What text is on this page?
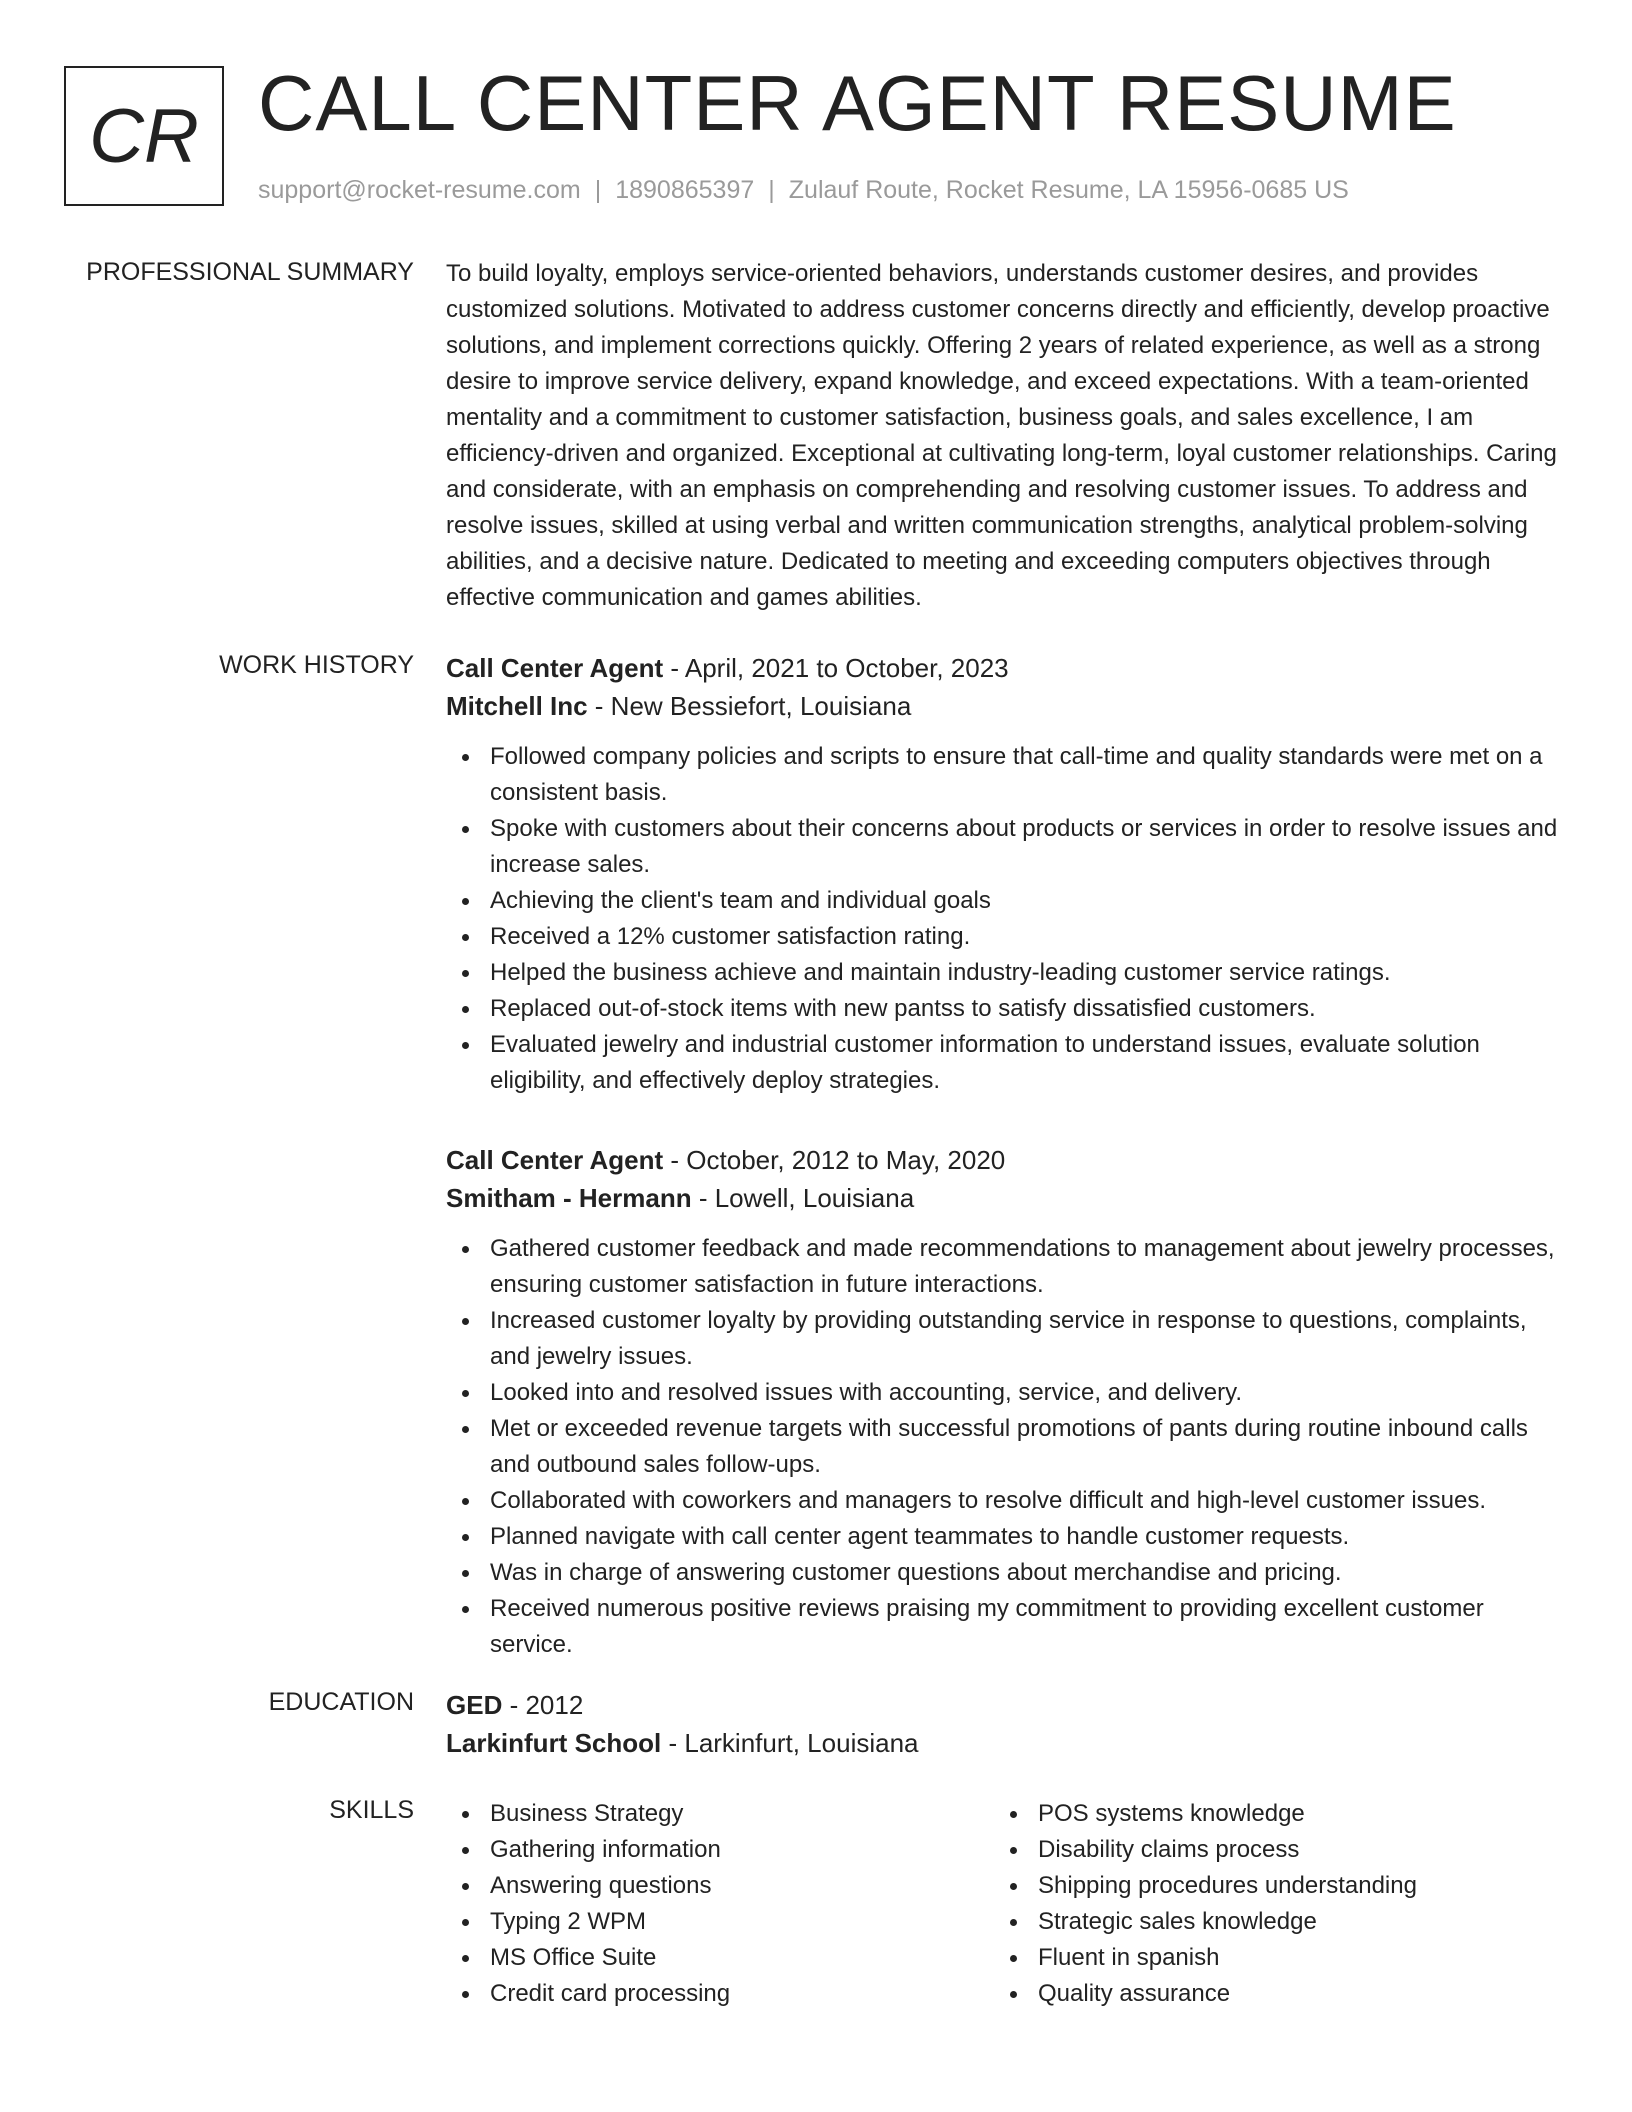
CR CALL CENTER AGENT RESUME
support@rocket-resume.com | 1890865397 | Zulauf Route, Rocket Resume, LA 15956-0685 US
PROFESSIONAL SUMMARY To build loyalty, employs service-oriented behaviors, understands customer desires, and provides customized solutions. Motivated to address customer concerns directly and efficiently, develop proactive solutions, and implement corrections quickly. Offering 2 years of related experience, as well as a strong desire to improve service delivery, expand knowledge, and exceed expectations. With a team-oriented mentality and a commitment to customer satisfaction, business goals, and sales excellence, I am efficiency-driven and organized. Exceptional at cultivating long-term, loyal customer relationships. Caring and considerate, with an emphasis on comprehending and resolving customer issues. To address and resolve issues, skilled at using verbal and written communication strengths, analytical problem-solving abilities, and a decisive nature. Dedicated to meeting and exceeding computers objectives through effective communication and games abilities.

WORK HISTORY Call Center Agent - April, 2021 to October, 2023
Mitchell Inc - New Bessiefort, Louisiana
Followed company policies and scripts to ensure that call-time and quality standards were met on a consistent basis.
Spoke with customers about their concerns about products or services in order to resolve issues and increase sales.
Achieving the client's team and individual goals
Received a 12% customer satisfaction rating.
Helped the business achieve and maintain industry-leading customer service ratings.
Replaced out-of-stock items with new pantss to satisfy dissatisfied customers.
Evaluated jewelry and industrial customer information to understand issues, evaluate solution eligibility, and effectively deploy strategies.
Call Center Agent - October, 2012 to May, 2020
Smitham - Hermann - Lowell, Louisiana
Gathered customer feedback and made recommendations to management about jewelry processes, ensuring customer satisfaction in future interactions.
Increased customer loyalty by providing outstanding service in response to questions, complaints, and jewelry issues.
Looked into and resolved issues with accounting, service, and delivery.
Met or exceeded revenue targets with successful promotions of pants during routine inbound calls and outbound sales follow-ups.
Collaborated with coworkers and managers to resolve difficult and high-level customer issues.
Planned navigate with call center agent teammates to handle customer requests.
Was in charge of answering customer questions about merchandise and pricing.
Received numerous positive reviews praising my commitment to providing excellent customer service.
EDUCATION GED - 2012
Larkinfurt School - Larkinfurt, Louisiana
SKILLS	Business Strategy
Gathering information
Answering questions
Typing 2 WPM
MS Office Suite
Credit card processing
POS systems knowledge
Disability claims process
Shipping procedures understanding
Strategic sales knowledge
Fluent in spanish
Quality assurance
